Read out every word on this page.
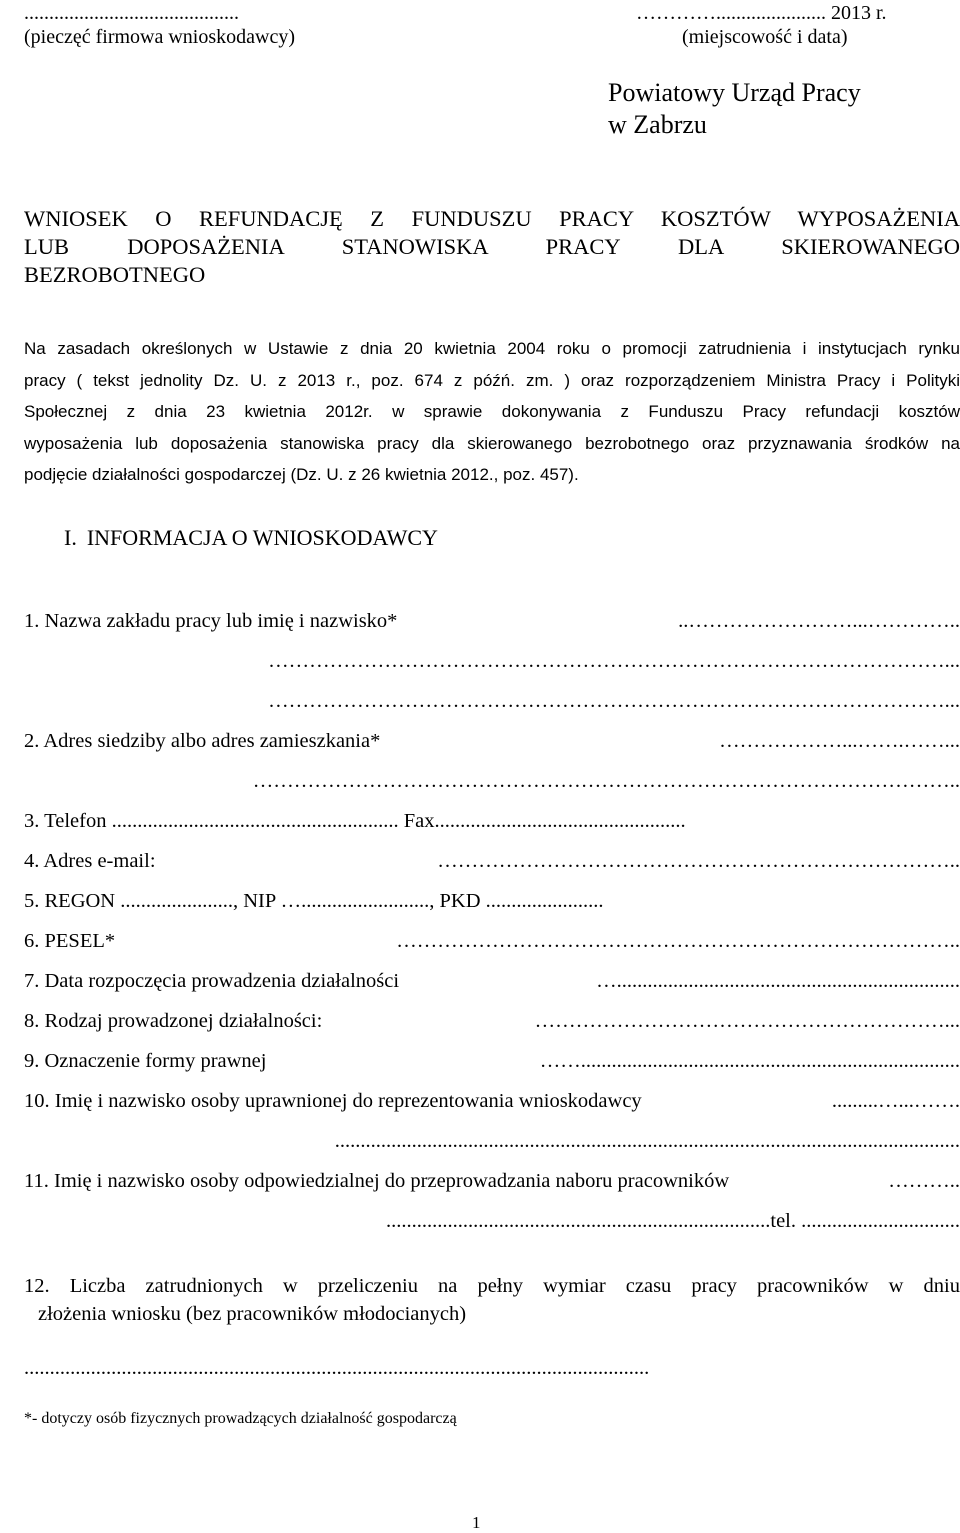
...........................................
(pieczęć firmowa wnioskodawcy)
…………...................... 2013 r.
(miejscowość i data)
Powiatowy Urząd Pracy
w Zabrzu
WNIOSEK O REFUNDACJĘ Z FUNDUSZU PRACY KOSZTÓW WYPOSAŻENIA
LUB DOPOSAŻENIA STANOWISKA PRACY DLA SKIEROWANEGO
BEZROBOTNEGO
Na zasadach określonych w Ustawie z dnia 20 kwietnia 2004 roku o promocji zatrudnienia i instytucjach rynku
pracy ( tekst jednolity Dz. U. z 2013 r., poz. 674 z późń. zm. ) oraz rozporządzeniem Ministra Pracy i Polityki
Społecznej z dnia 23 kwietnia 2012r. w sprawie dokonywania z Funduszu Pracy refundacji kosztów
wyposażenia lub doposażenia stanowiska pracy dla skierowanego bezrobotnego oraz przyznawania środków na
podjęcie działalności gospodarczej (Dz. U. z 26 kwietnia 2012., poz. 457).
I. INFORMACJA O WNIOSKODAWCY
1. Nazwa zakładu pracy lub imię i nazwisko*	..……………………...…………..
………………………………………………………………………………………...
………………………………………………………………………………………...
2. Adres siedziby albo adres zamieszkania*	………………...…….……...
…………………………………………………………………………………………..
3. Telefon ........................................................ Fax.................................................
4. Adres e-mail:	…………………………………………………………………..
5. REGON ......................, NIP …........................., PKD .......................
6. PESEL*	………………………………………………………………………..
7. Data rozpoczęcia prowadzenia działalności	…...................................................................
8. Rodzaj prowadzonej działalności:	……………………………………………………...
9. Oznaczenie formy prawnej	……..........................................................................
10. Imię i nazwisko osoby uprawnionej do reprezentowania wnioskodawcy	.........…...…….
..........................................................................................................................
11. Imię i nazwisko osoby odpowiedzialnej do przeprowadzania naboru pracowników	………..
...........................................................................tel. ...............................
12. Liczba zatrudnionych w przeliczeniu na pełny wymiar czasu pracy pracowników w dniu
złożenia wniosku (bez pracowników młodocianych)
..........................................................................................................................
*- dotyczy osób fizycznych prowadzących działalność gospodarczą
1
